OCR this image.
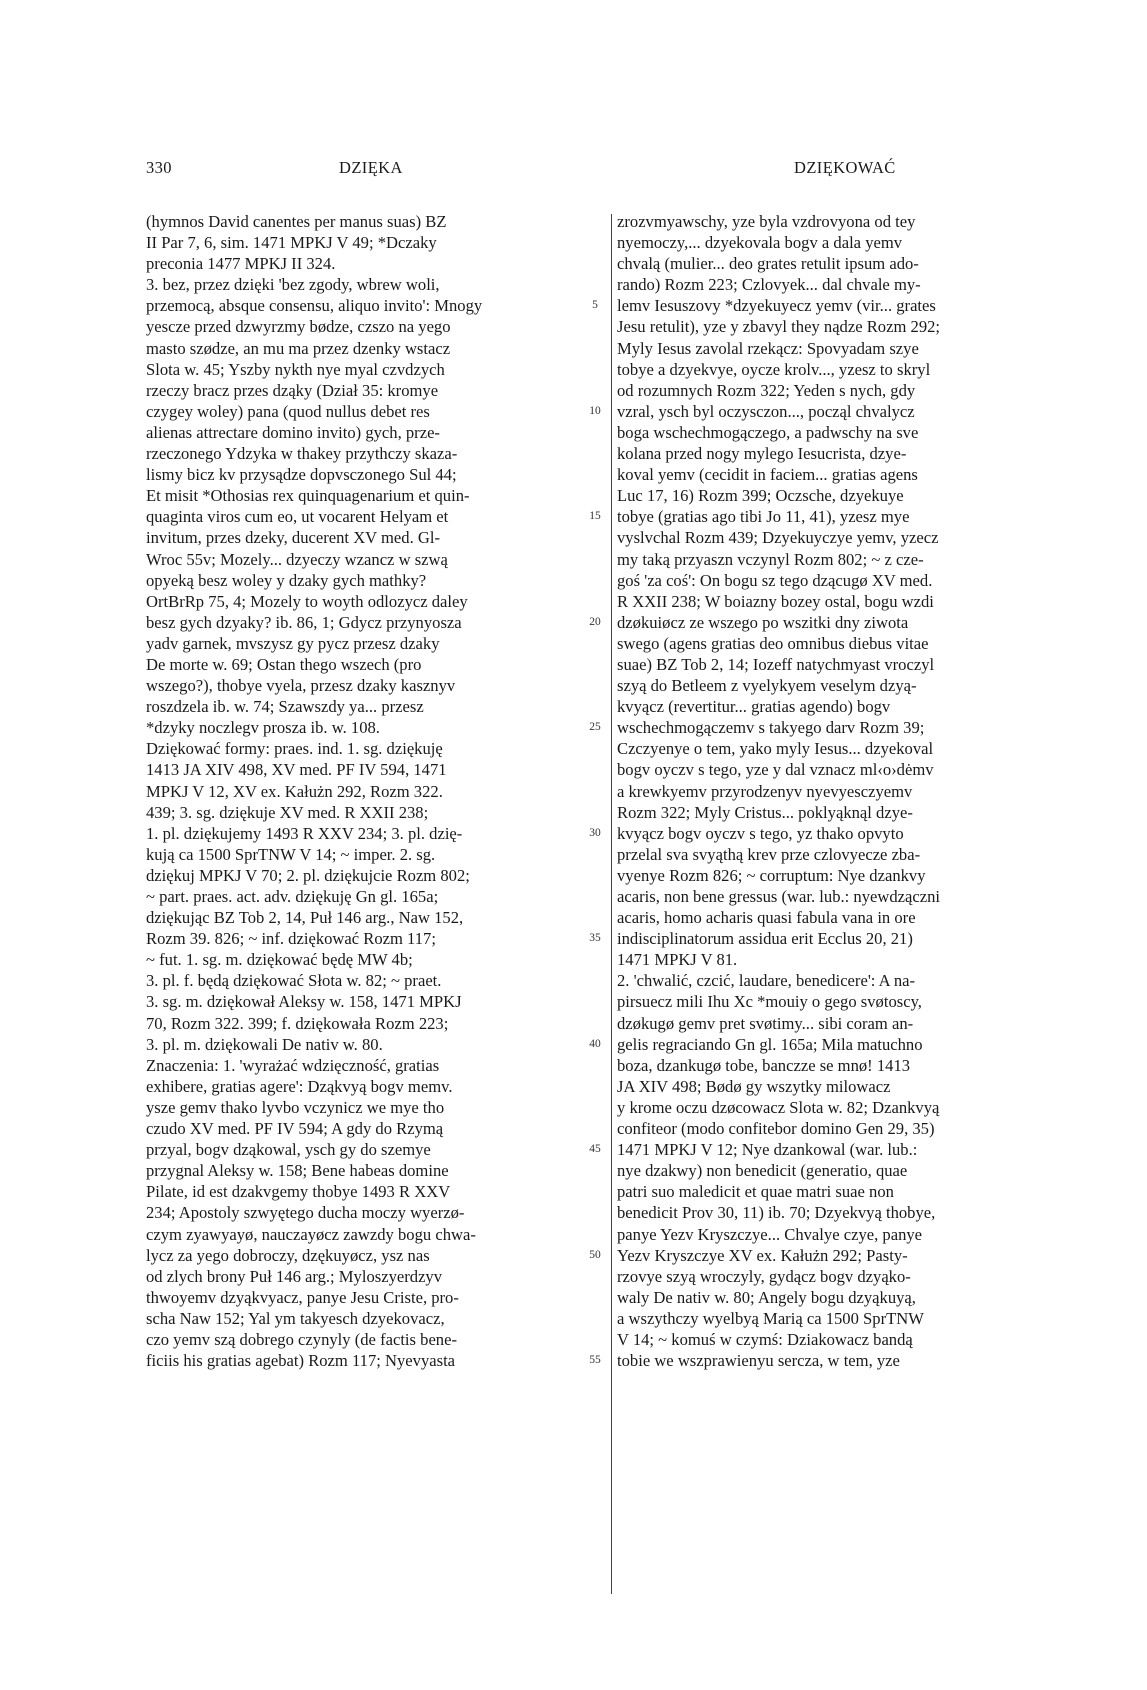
330	DZIĘKA	DZIĘKOWAĆ
(hymnos David canentes per manus suas) BZ
II Par 7, 6, sim. 1471 MPKJ V 49; *Dczaky
preconia 1477 MPKJ II 324.
3. bez, przez dzięki 'bez zgody, wbrew woli,
przemocą, absque consensu, aliquo invito': Mnogy
yescze przed dzwyrzmy bødze, czszo na yego
masto szødze, an mu ma przez dzenky wstacz
Slota w. 45; Yszby nykth nye myal czvdzych
rzeczy bracz przes dząky (Dział 35: kromye
czygey woley) pana (quod nullus debet res
alienas attrectare domino invito) gych, prze-
rzeczonego Ydzyka w thakey przythczy skaza-
lismy bicz kv przysądze dopvsczonego Sul 44;
Et misit *Othosias rex quinquagenarium et quin-
quaginta viros cum eo, ut vocarent Helyam et
invitum, przes dzeky, ducerent XV med. Gl-
Wroc 55v; Mozely... dzyeczy wzancz w szwą
opyeką besz woley y dzaky gych mathky?
OrtBrRp 75, 4; Mozely to woyth odlozycz daley
besz gych dzyaky? ib. 86, 1; Gdycz przynyosza
yadv garnek, mvszysz gy pycz przesz dzaky
De morte w. 69; Ostan thego wszech (pro
wszego?), thobye vyela, przesz dzaky kasznyv
roszdzela ib. w. 74; Szawszdy ya... przesz
*dzyky noczlegv prosza ib. w. 108.
Dziękować formy: praes. ind. 1. sg. dziękuję
1413 JA XIV 498, XV med. PF IV 594, 1471
MPKJ V 12, XV ex. Kałużn 292, Rozm 322.
439; 3. sg. dziękuje XV med. R XXII 238;
1. pl. dziękujemy 1493 R XXV 234; 3. pl. dzię-
kują ca 1500 SprTNW V 14; ~ imper. 2. sg.
dziękuj MPKJ V 70; 2. pl. dziękujcie Rozm 802;
~ part. praes. act. adv. dziękuję Gn gl. 165a;
dziękując BZ Tob 2, 14, Puł 146 arg., Naw 152,
Rozm 39. 826; ~ inf. dziękować Rozm 117;
~ fut. 1. sg. m. dziękować będę MW 4b;
3. pl. f. będą dziękować Słota w. 82; ~ praet.
3. sg. m. dziękował Aleksy w. 158, 1471 MPKJ
70, Rozm 322. 399; f. dziękowała Rozm 223;
3. pl. m. dziękowali De nativ w. 80.
Znaczenia: 1. 'wyrażać wdzięczność, gratias
exhibere, gratias agere': Dząkvyą bogv memv.
ysze gemv thako lyvbo vczynicz we mye tho
czudo XV med. PF IV 594; A gdy do Rzymą
przyal, bogv dząkowal, ysch gy do szemye
przygnal Aleksy w. 158; Bene habeas domine
Pilate, id est dzakvgemy thobye 1493 R XXV
234; Apostoly szwyętego ducha moczy wyerzø-
czym zyawyayø, nauczayøcz zawzdy bogu chwa-
lycz za yego dobroczy, dzękuyøcz, ysz nas
od zlych brony Puł 146 arg.; Myloszyerdzyv
thwoyemv dzyąkvyacz, panye Jesu Criste, pro-
scha Naw 152; Yal ym takyesch dzyekovacz,
czo yemv szą dobrego czynyly (de factis bene-
ficiis his gratias agebat) Rozm 117; Nyevyasta
5
10
15
20
25
30
35
40
45
50
55
zrozvmyawschy, yze byla vzdrovyona od tey
nyemoczy,... dzyekovala bogv a dala yemv
chvalą (mulier... deo grates retulit ipsum ado-
rando) Rozm 223; Czlovyek... dal chvale my-
lemv Iesuszovy *dzyekuyecz yemv (vir... grates
Jesu retulit), yze y zbavyl they nądze Rozm 292;
Myly Iesus zavolal rzekącz: Spovyadam szye
tobye a dzyekvye, oycze krolv..., yzesz to skryl
od rozumnych Rozm 322; Yeden s nych, gdy
vzral, ysch byl oczysczon..., począl chvalycz
boga wschechmogączego, a padwschy na sve
kolana przed nogy mylego Iesucrista, dzye-
koval yemv (cecidit in faciem... gratias agens
Luc 17, 16) Rozm 399; Oczsche, dzyekuye
tobye (gratias ago tibi Jo 11, 41), yzesz mye
vyslvchal Rozm 439; Dzyekuyczye yemv, yzecz
my taką przyaszn vczynyl Rozm 802; ~ z cze-
goś 'za coś': On bogu sz tego dzącugø XV med.
R XXII 238; W boiazny bozey ostal, bogu wzdi
dzøkuiøcz ze wszego po wszitki dny ziwota
swego (agens gratias deo omnibus diebus vitae
suae) BZ Tob 2, 14; Iozeff natychmyast vroczyl
szyą do Betleem z vyelykyem veselym dzyą-
kvyącz (revertitur... gratias agendo) bogv
wschechmogączemv s takyego darv Rozm 39;
Czczyenye o tem, yako myly Iesus... dzyekoval
bogv oyczv s tego, yze y dal vznacz ml‹o›dėmv
a krewkyemv przyrodzenyv nyevyesczyemv
Rozm 322; Myly Cristus... poklyąknąl dzye-
kvyącz bogv oyczv s tego, yz thako opvyto
przelal sva svyąthą krev prze czlovyecze zba-
vyenye Rozm 826; ~ corruptum: Nye dzankvy
acaris, non bene gressus (war. lub.: nyewdzączni
acaris, homo acharis quasi fabula vana in ore
indisciplinatorum assidua erit Ecclus 20, 21)
1471 MPKJ V 81.
2. 'chwalić, czcić, laudare, benedicere': A na-
pirsuecz mili Ihu Xc *mouiy o gego svøtoscy,
dzøkugø gemv pret svøtimy... sibi coram an-
gelis regraciando Gn gl. 165a; Mila matuchno
boza, dzankugø tobe, banczze se mnø! 1413
JA XIV 498; Bødø gy wszytky milowacz
y krome oczu dzøcowacz Slota w. 82; Dzankvyą
confiteor (modo confitebor domino Gen 29, 35)
1471 MPKJ V 12; Nye dzankowal (war. lub.:
nye dzakwy) non benedicit (generatio, quae
patri suo maledicit et quae matri suae non
benedicit Prov 30, 11) ib. 70; Dzyekvyą thobye,
panye Yezv Kryszczye... Chvalye czye, panye
Yezv Kryszczye XV ex. Kałużn 292; Pasty-
rzovye szyą wroczyly, gydącz bogv dzyąko-
waly De nativ w. 80; Angely bogu dzyąkuyą,
a wszythczy wyelbyą Marią ca 1500 SprTNW
V 14; ~ komuś w czymś: Dziakowacz bandą
tobie we wszprawienyu sercza, w tem, yze
